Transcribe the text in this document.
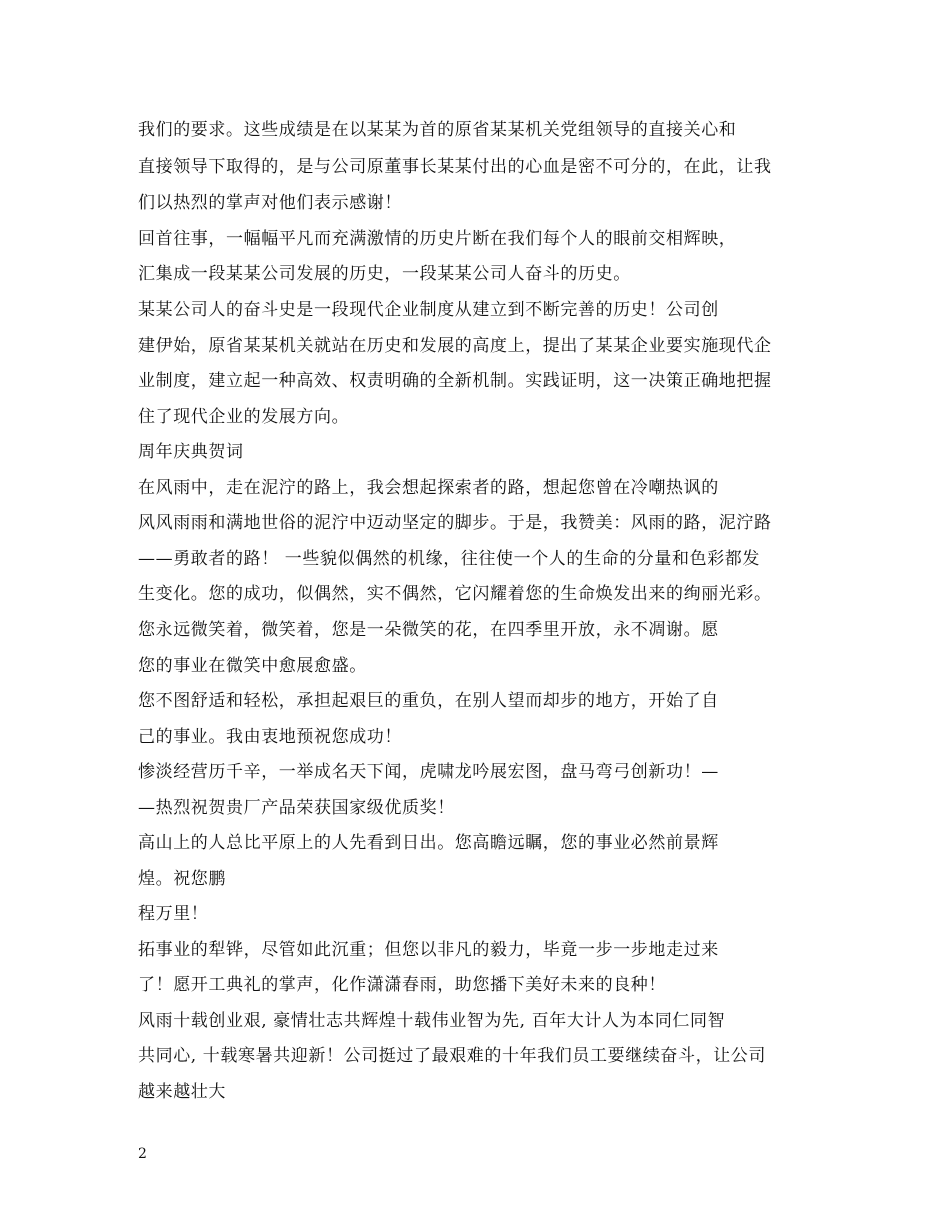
我们的要求。这些成绩是在以某某为首的原省某某机关党组领导的直接关心和
直接领导下取得的，是与公司原董事长某某付出的心血是密不可分的，在此，让我
们以热烈的掌声对他们表示感谢！
回首往事，一幅幅平凡而充满激情的历史片断在我们每个人的眼前交相辉映，
汇集成一段某某公司发展的历史，一段某某公司人奋斗的历史。
某某公司人的奋斗史是一段现代企业制度从建立到不断完善的历史！公司创
建伊始，原省某某机关就站在历史和发展的高度上，提出了某某企业要实施现代企
业制度，建立起一种高效、权责明确的全新机制。实践证明，这一决策正确地把握
住了现代企业的发展方向。
周年庆典贺词
在风雨中，走在泥泞的路上，我会想起探索者的路，想起您曾在冷嘲热讽的
风风雨雨和满地世俗的泥泞中迈动坚定的脚步。于是，我赞美：风雨的路，泥泞路
——勇敢者的路！ 一些貌似偶然的机缘，往往使一个人的生命的分量和色彩都发
生变化。您的成功，似偶然，实不偶然，它闪耀着您的生命焕发出来的绚丽光彩。
您永远微笑着，微笑着，您是一朵微笑的花，在四季里开放，永不凋谢。愿
您的事业在微笑中愈展愈盛。
您不图舒适和轻松，承担起艰巨的重负，在别人望而却步的地方，开始了自
己的事业。我由衷地预祝您成功！
惨淡经营历千辛，一举成名天下闻，虎啸龙吟展宏图，盘马弯弓创新功！—
—热烈祝贺贵厂产品荣获国家级优质奖！
高山上的人总比平原上的人先看到日出。您高瞻远瞩，您的事业必然前景辉
煌。祝您鹏
程万里！
拓事业的犁铧，尽管如此沉重；但您以非凡的毅力，毕竟一步一步地走过来
了！愿开工典礼的掌声，化作潇潇春雨，助您播下美好未来的良种！
风雨十载创业艰, 豪情壮志共辉煌十载伟业智为先, 百年大计人为本同仁同智
共同心, 十载寒暑共迎新！公司挺过了最艰难的十年我们员工要继续奋斗，让公司
越来越壮大
2
